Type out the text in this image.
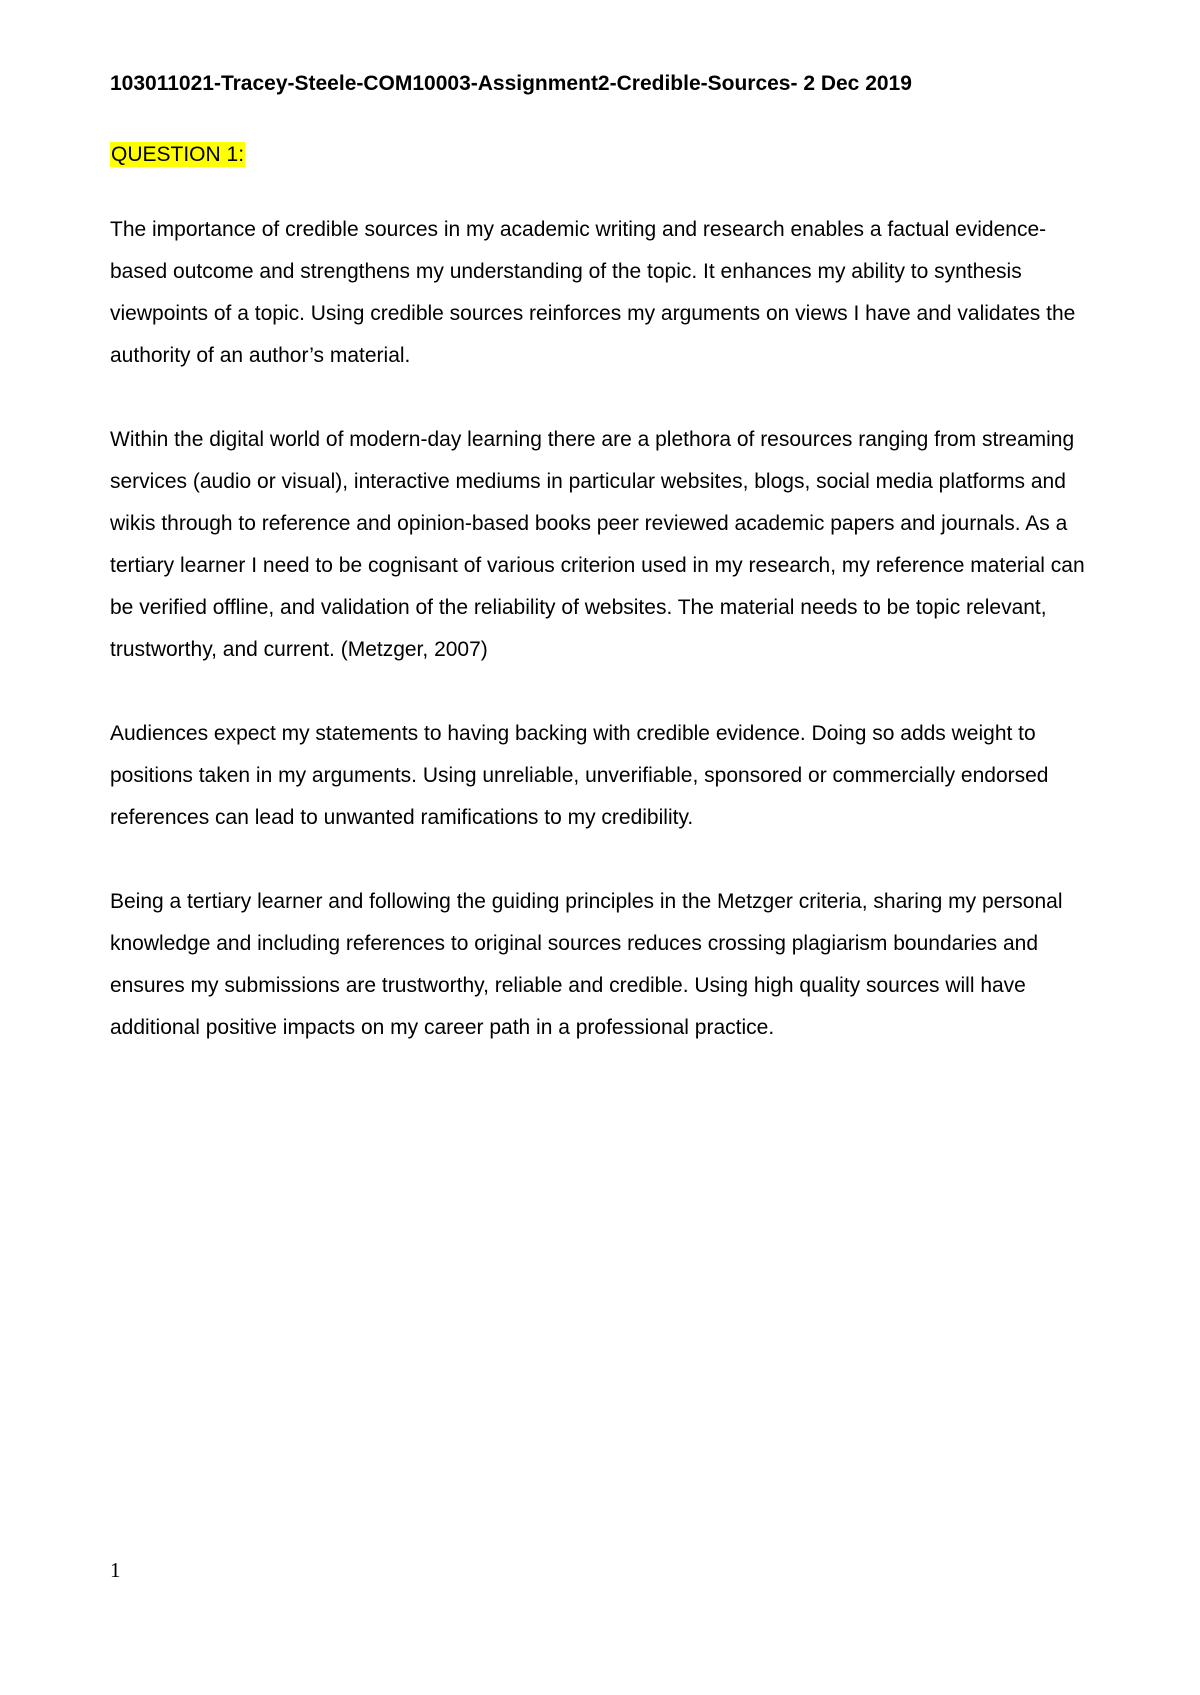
103011021-Tracey-Steele-COM10003-Assignment2-Credible-Sources- 2 Dec 2019

QUESTION 1:

The importance of credible sources in my academic writing and research enables a factual evidence-based outcome and strengthens my understanding of the topic. It enhances my ability to synthesis viewpoints of a topic. Using credible sources reinforces my arguments on views I have and validates the authority of an author’s material.

Within the digital world of modern-day learning there are a plethora of resources ranging from streaming services (audio or visual), interactive mediums in particular websites, blogs, social media platforms and wikis through to reference and opinion-based books peer reviewed academic papers and journals. As a tertiary learner I need to be cognisant of various criterion used in my research, my reference material can be verified offline, and validation of the reliability of websites. The material needs to be topic relevant, trustworthy, and current. (Metzger, 2007)

Audiences expect my statements to having backing with credible evidence. Doing so adds weight to positions taken in my arguments. Using unreliable, unverifiable, sponsored or commercially endorsed references can lead to unwanted ramifications to my credibility.

Being a tertiary learner and following the guiding principles in the Metzger criteria, sharing my personal knowledge and including references to original sources reduces crossing plagiarism boundaries and ensures my submissions are trustworthy, reliable and credible. Using high quality sources will have additional positive impacts on my career path in a professional practice.

1
